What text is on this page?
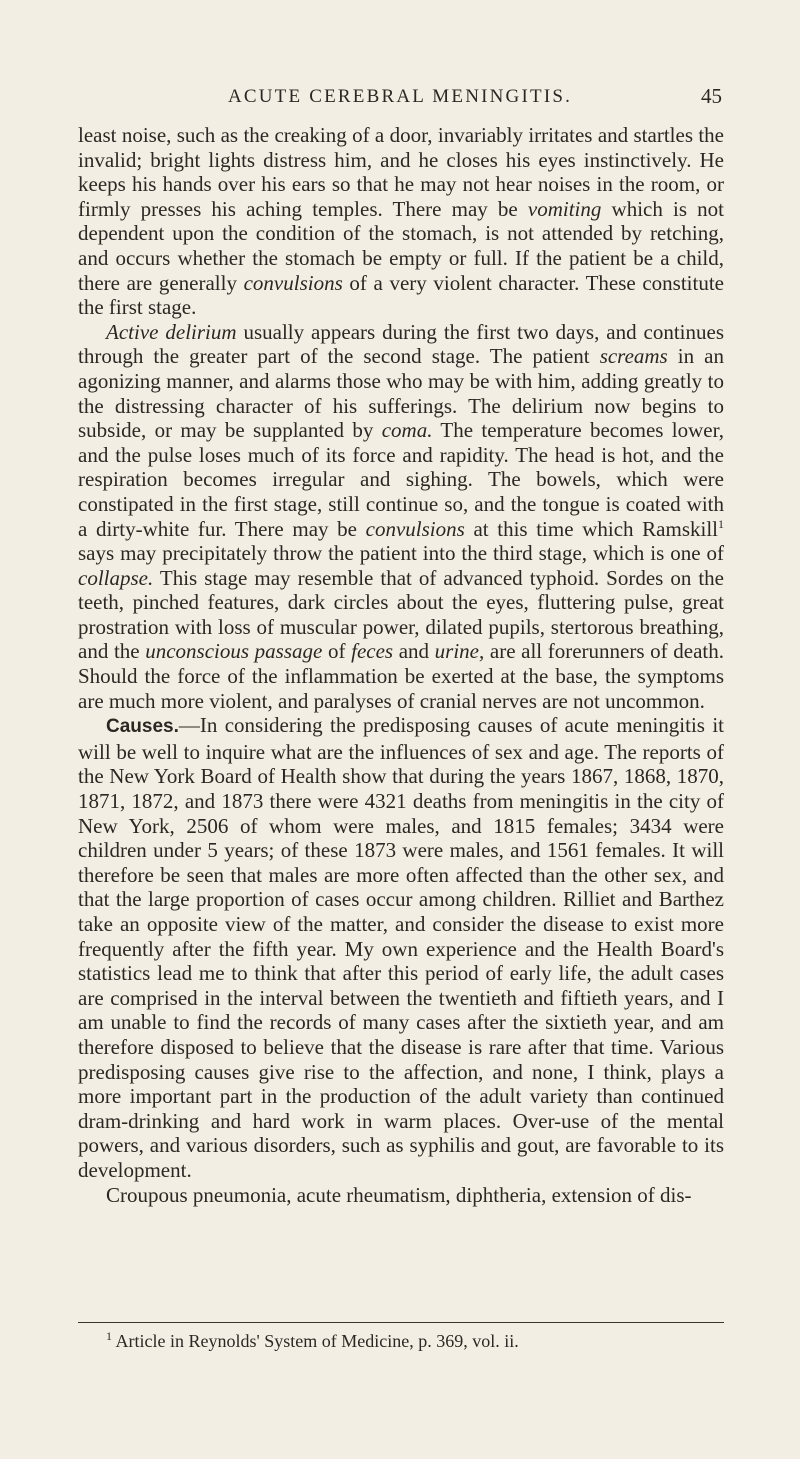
ACUTE CEREBRAL MENINGITIS.	45

least noise, such as the creaking of a door, invariably irritates and startles the invalid; bright lights distress him, and he closes his eyes instinctively. He keeps his hands over his ears so that he may not hear noises in the room, or firmly presses his aching temples. There may be vomiting which is not dependent upon the condition of the stomach, is not attended by retching, and occurs whether the stomach be empty or full. If the patient be a child, there are generally convulsions of a very violent character. These constitute the first stage.

Active delirium usually appears during the first two days, and continues through the greater part of the second stage. The patient screams in an agonizing manner, and alarms those who may be with him, adding greatly to the distressing character of his sufferings. The delirium now begins to subside, or may be supplanted by coma. The temperature becomes lower, and the pulse loses much of its force and rapidity. The head is hot, and the respiration becomes irregular and sighing. The bowels, which were constipated in the first stage, still continue so, and the tongue is coated with a dirty-white fur. There may be convulsions at this time which Ramskill$^1$ says may precipitately throw the patient into the third stage, which is one of collapse. This stage may resemble that of advanced typhoid. Sordes on the teeth, pinched features, dark circles about the eyes, fluttering pulse, great prostration with loss of muscular power, dilated pupils, stertorous breathing, and the unconscious passage of feces and urine, are all forerunners of death. Should the force of the inflammation be exerted at the base, the symptoms are much more violent, and paralyses of cranial nerves are not uncommon.

Causes.—In considering the predisposing causes of acute meningitis it will be well to inquire what are the influences of sex and age. The reports of the New York Board of Health show that during the years 1867, 1868, 1870, 1871, 1872, and 1873 there were 4321 deaths from meningitis in the city of New York, 2506 of whom were males, and 1815 females; 3434 were children under 5 years; of these 1873 were males, and 1561 females. It will therefore be seen that males are more often affected than the other sex, and that the large proportion of cases occur among children. Rilliet and Barthez take an opposite view of the matter, and consider the disease to exist more frequently after the fifth year. My own experience and the Health Board's statistics lead me to think that after this period of early life, the adult cases are comprised in the interval between the twentieth and fiftieth years, and I am unable to find the records of many cases after the sixtieth year, and am therefore disposed to believe that the disease is rare after that time. Various predisposing causes give rise to the affection, and none, I think, plays a more important part in the production of the adult variety than continued dram-drinking and hard work in warm places. Over-use of the mental powers, and various disorders, such as syphilis and gout, are favorable to its development.

Croupous pneumonia, acute rheumatism, diphtheria, extension of dis-

$^1$ Article in Reynolds' System of Medicine, p. 369, vol. ii.
